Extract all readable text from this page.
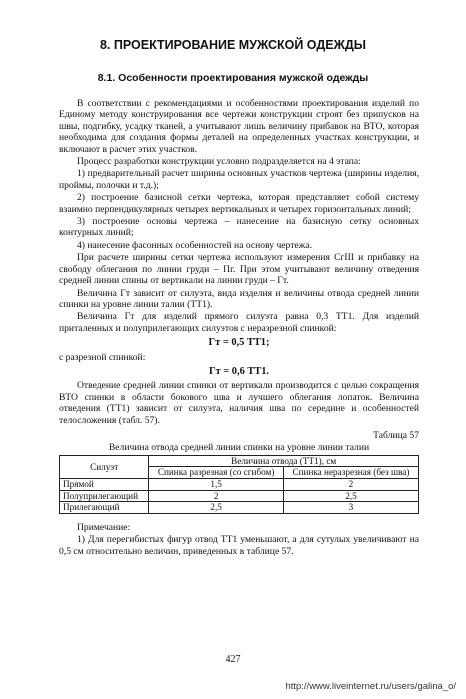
8. ПРОЕКТИРОВАНИЕ МУЖСКОЙ ОДЕЖДЫ
8.1. Особенности проектирования мужской одежды

В соответствии с рекомендациями и особенностями проектирования изделий по Единому методу конструирования все чертежи конструкции строят без припусков на швы, подгибку, усадку тканей, а учитывают лишь величину прибавок на ВТО, которая необходима для создания формы деталей на определенных участках конструкции, и включают в расчет этих участков.

Процесс разработки конструкции условно подразделяется на 4 этапа:

1) предварительный расчет ширины основных участков чертежа (ширины изделия, проймы, полочки и т.д.);

2) построение базисной сетки чертежа, которая представляет собой систему взаимно перпендикулярных четырех вертикальных и четырех горизонтальных линий;

3) построение основы чертежа – нанесение на базисную сетку основных контурных линий;

4) нанесение фасонных особенностей на основу чертежа.

При расчете ширины сетки чертежа используют измерения СгIII и прибавку на свободу облегания по линии груди – Пг. При этом учитывают величину отведения средней линии спины от вертикали на линии груди – Гт.

Величина Гт зависит от силуэта, вида изделия и величины отвода средней линии спинки на уровне линии талии (ТТ1).

Величина Гт для изделий прямого силуэта равна 0,3 ТТ1. Для изделий приталенных и полуприлегающих силуэтов с неразрезной спинкой:

Гт = 0,5 ТТ1;

с разрезной спинкой:

Гт = 0,6 ТТ1.

Отведение средней линии спинки от вертикали производится с целью сокращения ВТО спинки в области бокового шва и лучшего облегания лопаток. Величина отведения (ТТ1) зависит от силуэта, наличия шва по середине и особенностей телосложения (табл. 57).

Таблица 57

Величина отвода средней линии спинки на уровне линии талии

Силуэт	Величина отвода (ТТ1), см	
	Спинка разрезная (со сгибом)	Спинка неразрезная (без шва)
Прямой	1,5	2
Полуприлегающий	2	2,5
Прилегающий	2,5	3

Примечание:

1) Для перегибистых фигур отвод ТТ1 уменьшают, а для сутулых увеличивают на 0,5 см относительно величин, приведенных в таблице 57.

427
http://www.liveinternet.ru/users/galina_o/
